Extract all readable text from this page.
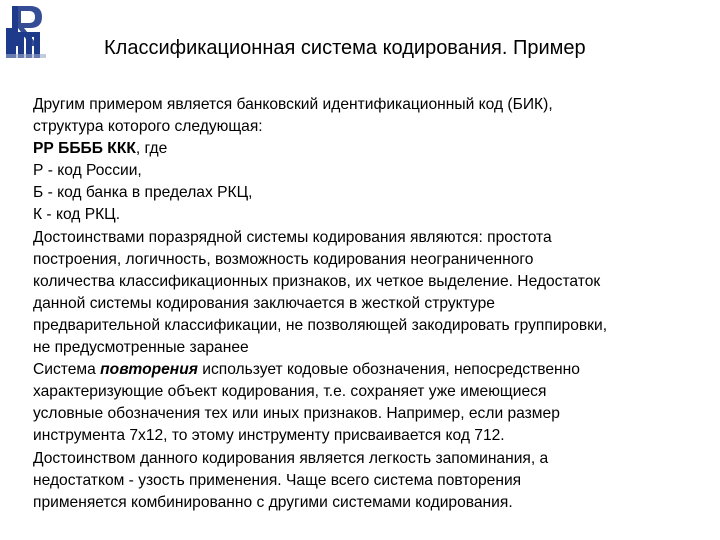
Классификационная система кодирования. Пример
Другим примером является банковский идентификационный код (БИК),
структура которого следующая:
РР ББББ ККК, где
Р - код России,
Б - код банка в пределах РКЦ,
К - код РКЦ.
Достоинствами поразрядной системы кодирования являются: простота
построения, логичность, возможность кодирования неограниченного
количества классификационных признаков, их четкое выделение. Недостаток
данной системы кодирования заключается в жесткой структуре
предварительной классификации, не позволяющей закодировать группировки,
не предусмотренные заранее
Система повторения использует кодовые обозначения, непосредственно
характеризующие объект кодирования, т.е. сохраняет уже имеющиеся
условные обозначения тех или иных признаков. Например, если размер
инструмента 7х12, то этому инструменту присваивается код 712.
Достоинством данного кодирования является легкость запоминания, а
недостатком - узость применения. Чаще всего система повторения
применяется комбинированно с другими системами кодирования.
